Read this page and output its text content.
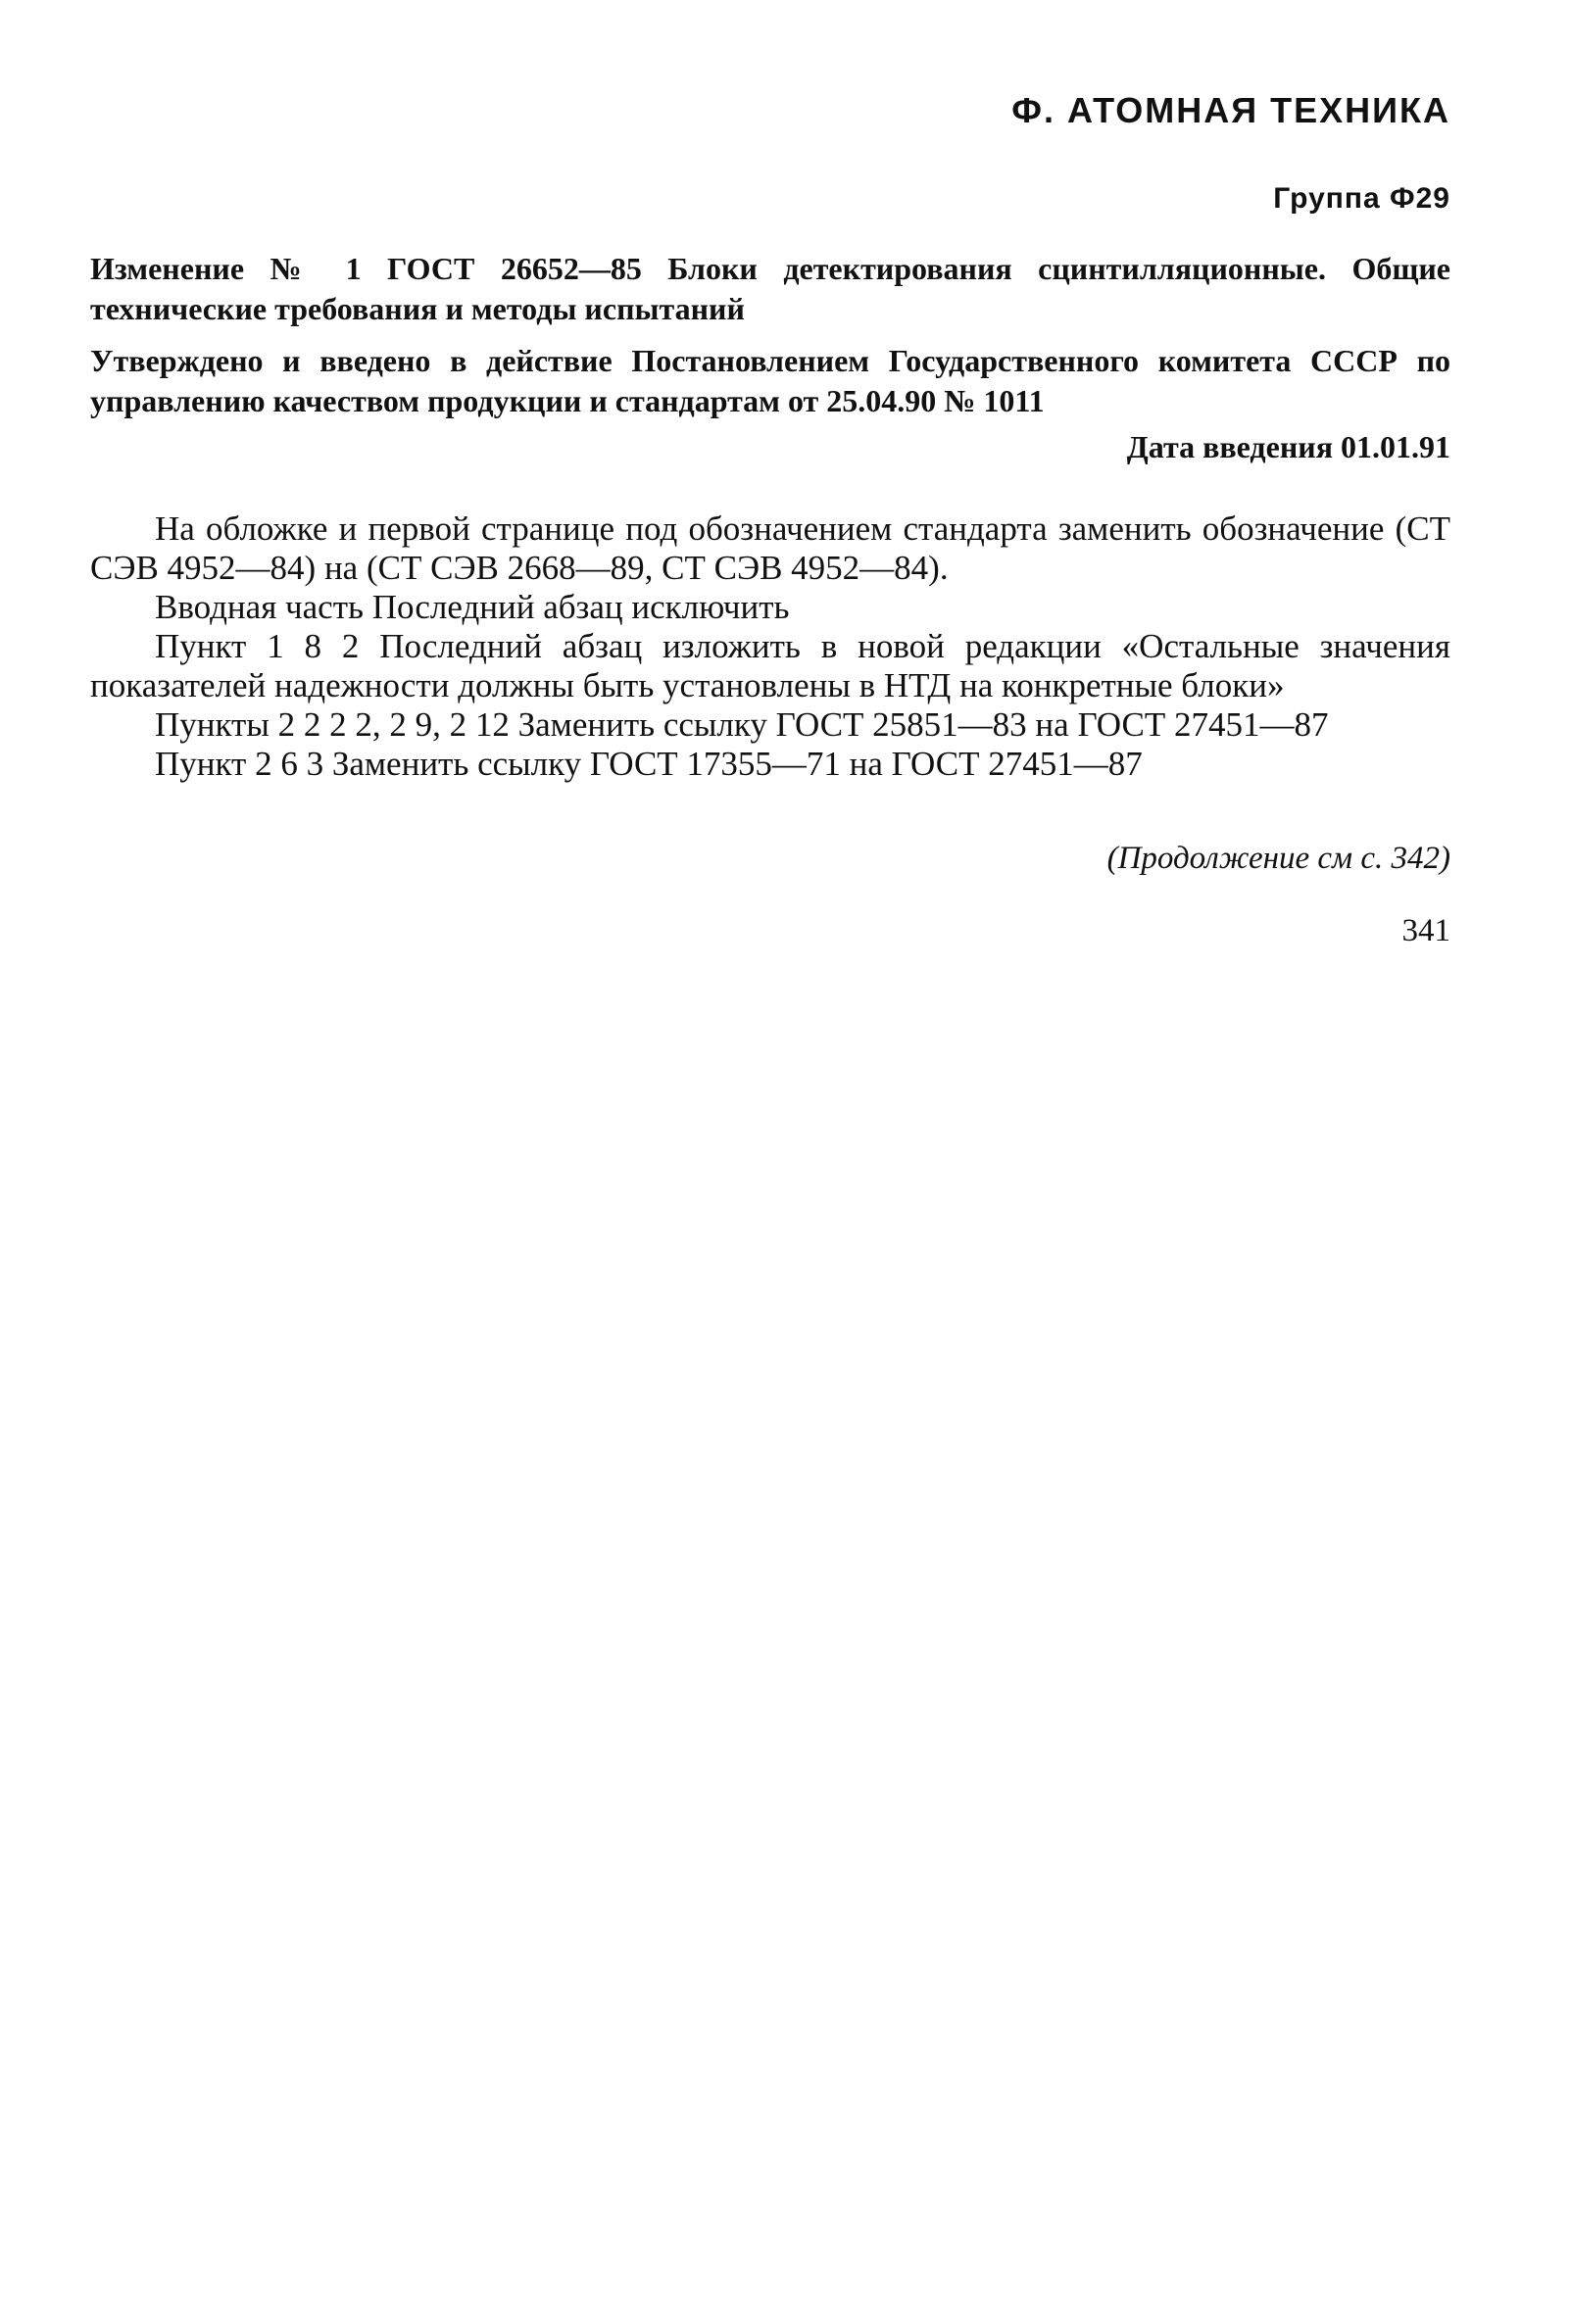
Ф. АТОМНАЯ ТЕХНИКА
Группа Ф29
Изменение № 1 ГОСТ 26652—85 Блоки детектирования сцинтилляционные. Общие технические требования и методы испытаний
Утверждено и введено в действие Постановлением Государственного комитета СССР по управлению качеством продукции и стандартам от 25.04.90 № 1011
Дата введения 01.01.91

На обложке и первой странице под обозначением стандарта заменить обозначение (СТ СЭВ 4952—84) на (СТ СЭВ 2668—89, СТ СЭВ 4952—84).

Вводная часть Последний абзац исключить

Пункт 1 8 2 Последний абзац изложить в новой редакции «Остальные значения показателей надежности должны быть установлены в НТД на конкретные блоки»

Пункты 2 2 2 2, 2 9, 2 12 Заменить ссылку ГОСТ 25851—83 на ГОСТ 27451—87

Пункт 2 6 3 Заменить ссылку ГОСТ 17355—71 на ГОСТ 27451—87

(Продолжение см с. 342)
341
